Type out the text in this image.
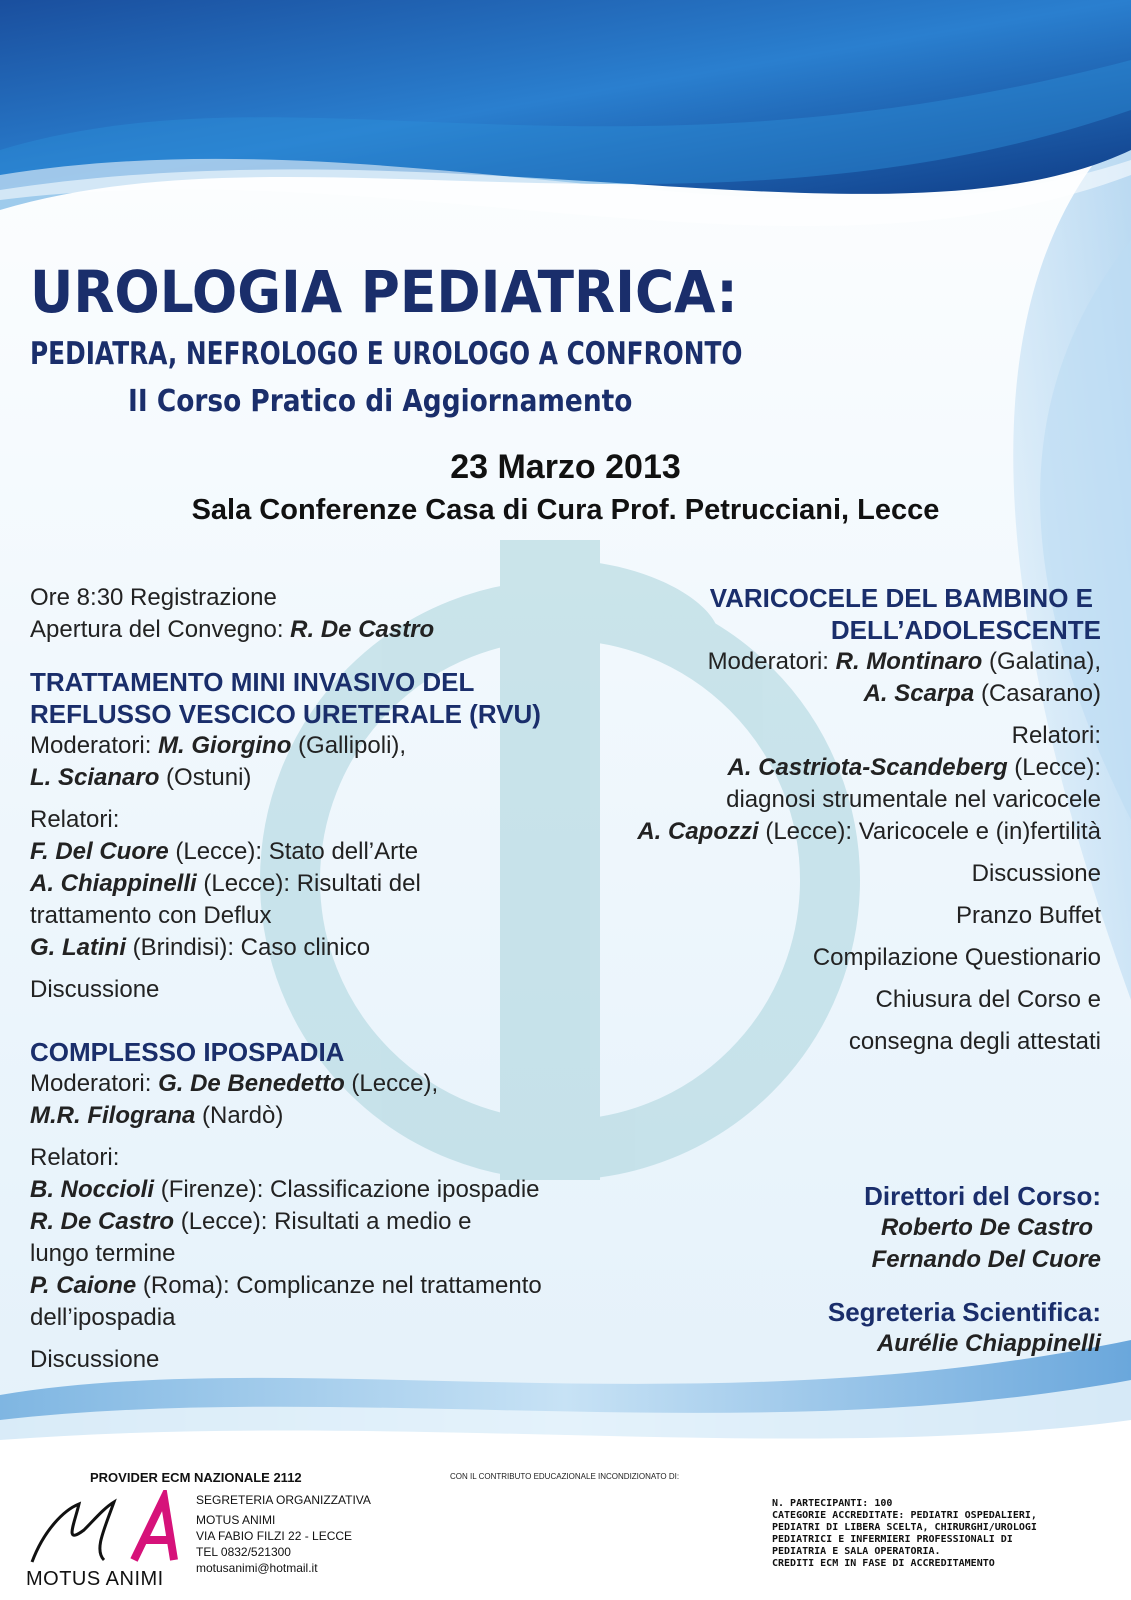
UROLOGIA PEDIATRICA:
PEDIATRA, NEFROLOGO E UROLOGO A CONFRONTO
II Corso Pratico di Aggiornamento
23 Marzo 2013
Sala Conferenze Casa di Cura Prof. Petrucciani, Lecce
Ore 8:30 Registrazione
Apertura del Convegno: R. De Castro
TRATTAMENTO MINI INVASIVO DEL
REFLUSSO VESCICO URETERALE (RVU)
Moderatori: M. Giorgino (Gallipoli),
L. Scianaro (Ostuni)
Relatori:
F. Del Cuore (Lecce): Stato dell’Arte
A. Chiappinelli (Lecce): Risultati del
trattamento con Deflux
G. Latini (Brindisi): Caso clinico
Discussione
COMPLESSO IPOSPADIA
Moderatori: G. De Benedetto (Lecce),
M.R. Filograna (Nardò)
Relatori:
B. Noccioli (Firenze): Classificazione ipospadie
R. De Castro (Lecce): Risultati a medio e
lungo termine
P. Caione (Roma): Complicanze nel trattamento
dell’ipospadia
Discussione
VARICOCELE DEL BAMBINO E
DELL’ADOLESCENTE
Moderatori: R. Montinaro (Galatina),
A. Scarpa (Casarano)
Relatori:
A. Castriota-Scandeberg (Lecce):
diagnosi strumentale nel varicocele
A. Capozzi (Lecce): Varicocele e (in)fertilità
Discussione
Pranzo Buffet
Compilazione Questionario
Chiusura del Corso e
consegna degli attestati
Direttori del Corso:
Roberto De Castro
Fernando Del Cuore
Segreteria Scientifica:
Aurélie Chiappinelli
PROVIDER ECM NAZIONALE 2112	CON IL CONTRIBUTO EDUCAZIONALE INCONDIZIONATO DI:
MA
MOTUS ANIMI
SEGRETERIA ORGANIZZATIVA
MOTUS ANIMI
VIA FABIO FILZI 22 - LECCE
TEL 0832/521300
motusanimi@hotmail.it
N. PARTECIPANTI: 100
CATEGORIE ACCREDITATE: PEDIATRI OSPEDALIERI,
PEDIATRI DI LIBERA SCELTA, CHIRURGHI/UROLOGI
PEDIATRICI E INFERMIERI PROFESSIONALI DI
PEDIATRIA E SALA OPERATORIA.
CREDITI ECM IN FASE DI ACCREDITAMENTO
